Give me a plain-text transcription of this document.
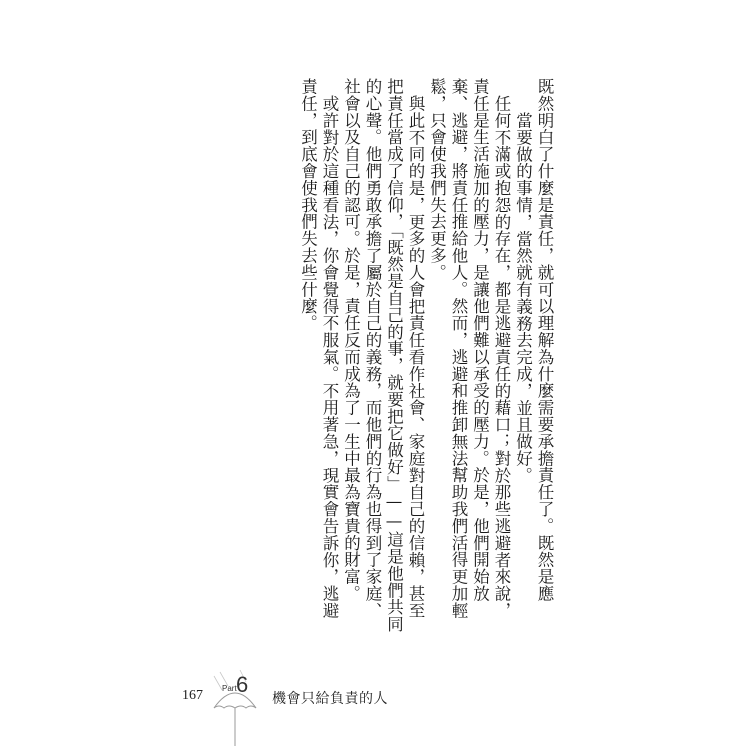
既然明白了什麼是責任，就可以理解為什麼需要承擔責任了。既然是應
當要做的事情，當然就有義務去完成，並且做好。
任何不滿或抱怨的存在，都是逃避責任的藉口；對於那些逃避者來說，
責任是生活施加的壓力，是讓他們難以承受的壓力。於是，他們開始放
棄、逃避，將責任推給他人。然而，逃避和推卸無法幫助我們活得更加輕
鬆，只會使我們失去更多。
與此不同的是，更多的人會把責任看作社會、家庭對自己的信賴，甚至
把責任當成了信仰，「既然是自己的事，就要把它做好」——這是他們共同
的心聲。他們勇敢承擔了屬於自己的義務，而他們的行為也得到了家庭、
社會以及自己的認可。於是，責任反而成為了一生中最為寶貴的財富。
或許對於這種看法，你會覺得不服氣。不用著急，現實會告訴你，逃避
責任，到底會使我們失去些什麼。
167 Part 6
機會只給負責的人
